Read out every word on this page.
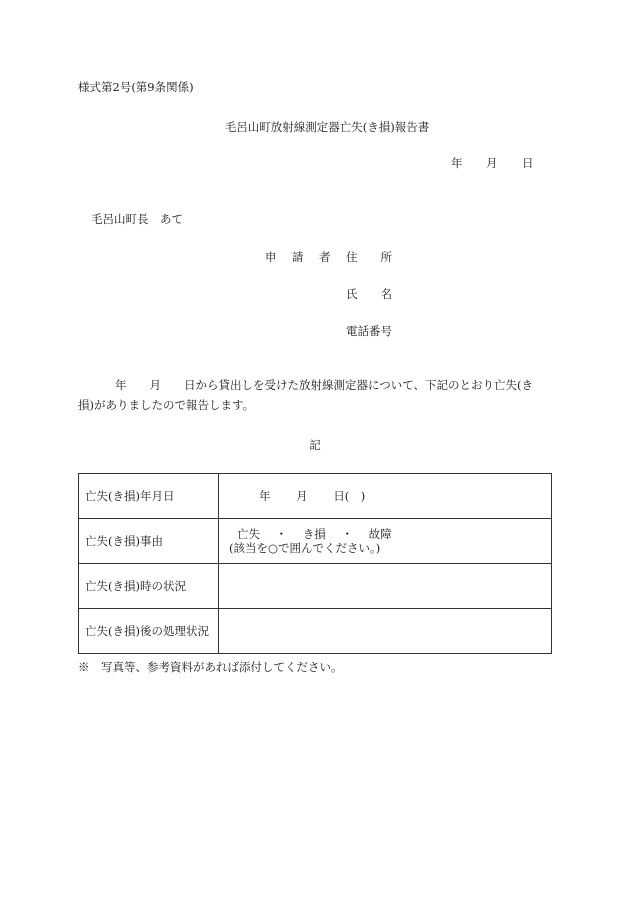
様式第2号(第9条関係)
毛呂山町放射線測定器亡失(き損)報告書
年 月 日
毛呂山町長　あて
申　請　者 住　　所
氏　　名
電話番号
年　　月　　日から貸出しを受けた放射線測定器について、下記のとおり亡失(き
損)がありましたので報告します。
記
亡失(き損)年月日	年 月 日(　)
亡失(き損)事由	亡失 ・ き損 ・ 故障
(該当を○で囲んでください。)

亡失(き損)時の状況	
亡失(き損)後の処理状況	
※　写真等、参考資料があれば添付してください。
